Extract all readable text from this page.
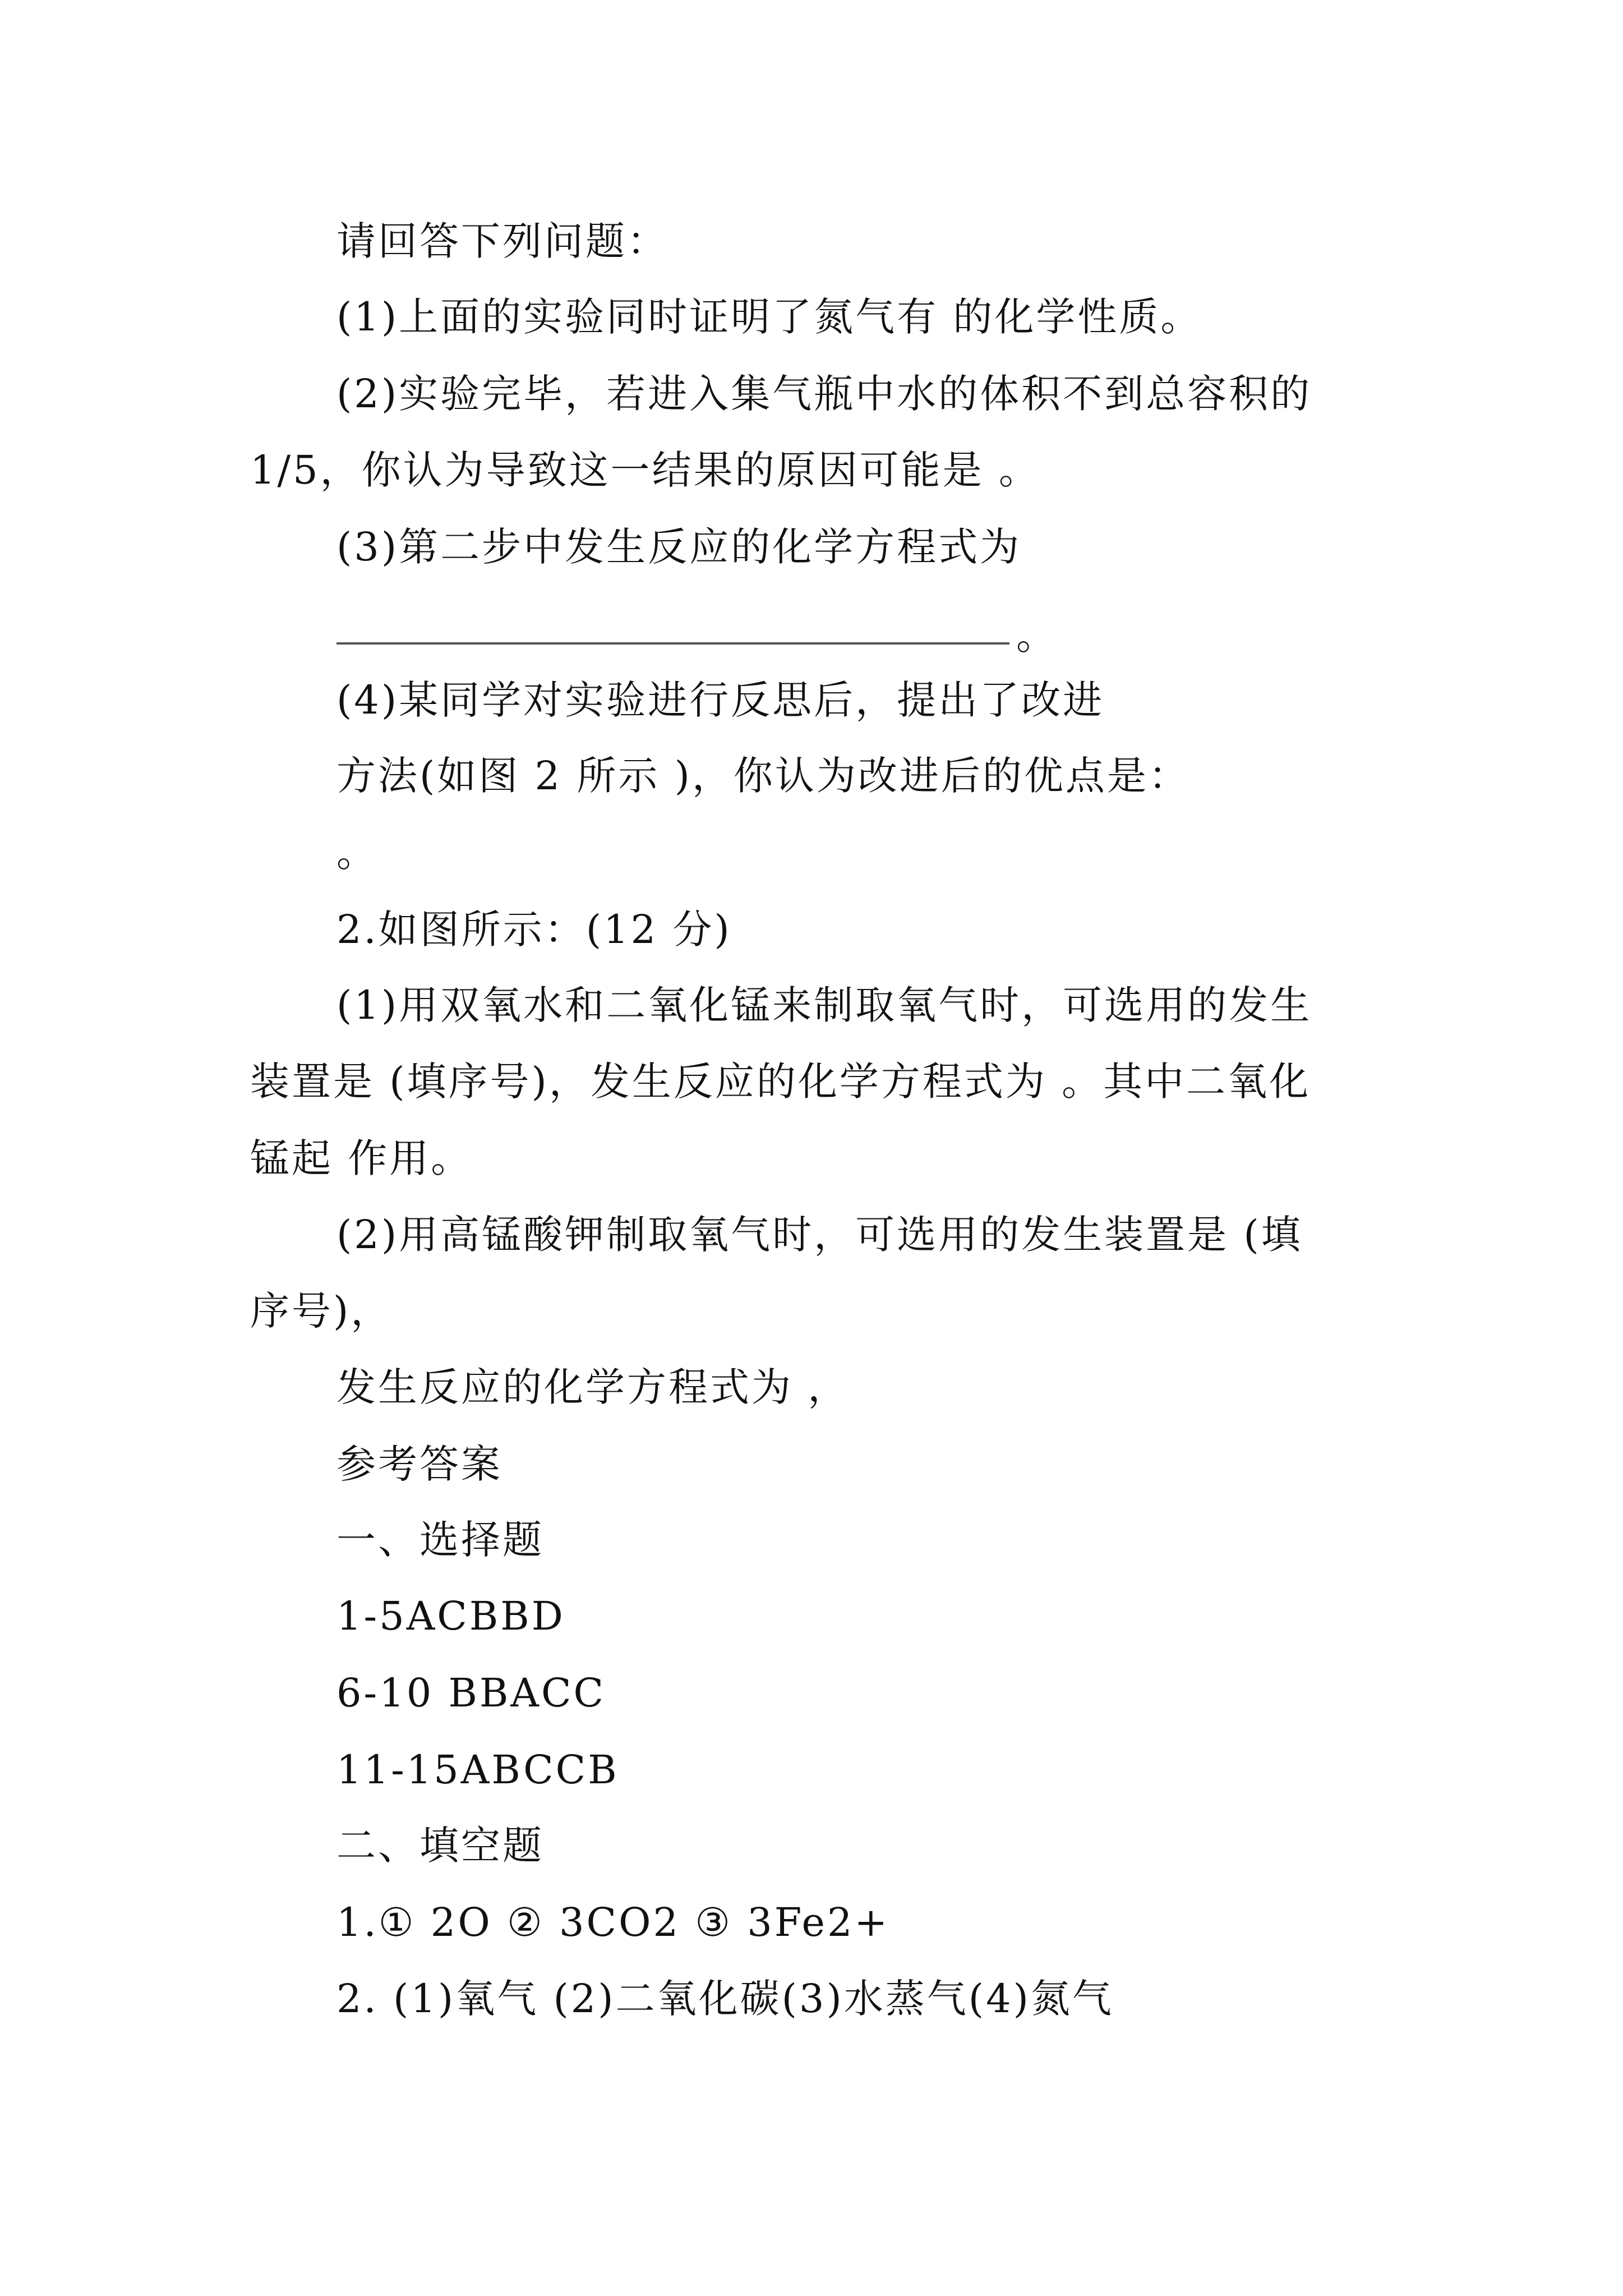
请回答下列问题：
(1)上面的实验同时证明了氮气有 的化学性质。
(2)实验完毕，若进入集气瓶中水的体积不到总容积的
1/5，你认为导致这一结果的原因可能是 。
(3)第二步中发生反应的化学方程式为
。
(4)某同学对实验进行反思后，提出了改进
方法(如图 2 所示 )，你认为改进后的优点是：
。
2.如图所示：(12 分)
(1)用双氧水和二氧化锰来制取氧气时，可选用的发生
装置是 (填序号)，发生反应的化学方程式为 。其中二氧化
锰起 作用。
(2)用高锰酸钾制取氧气时，可选用的发生装置是 (填
序号)，
发生反应的化学方程式为 ，
参考答案
一、选择题
1-5ACBBD
6-10 BBACC
11-15ABCCB
二、填空题
1.① 2O ② 3CO2 ③ 3Fe2+
2. (1)氧气 (2)二氧化碳(3)水蒸气(4)氮气
